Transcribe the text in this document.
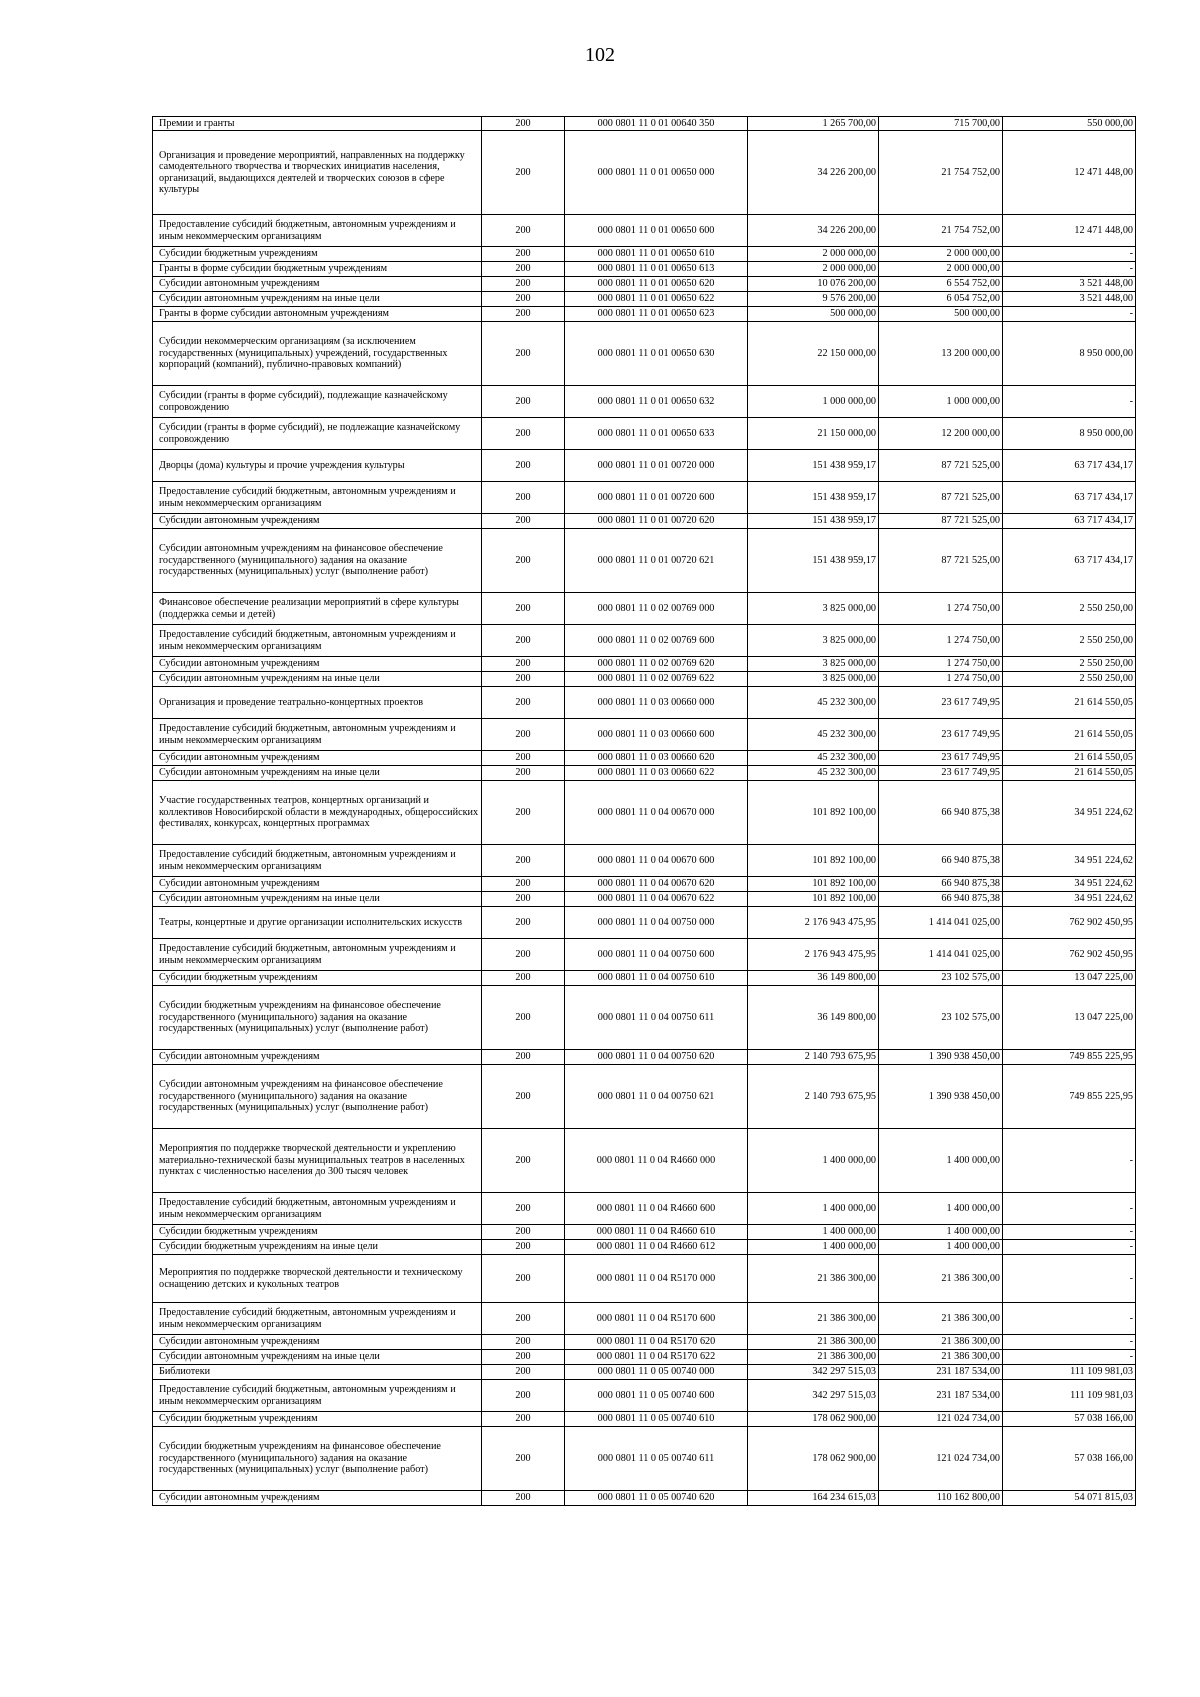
102
Премии и гранты	200	000 0801 11 0 01 00640 350	1 265 700,00	715 700,00	550 000,00
Организация и проведение мероприятий, направленных на поддержку самодеятельного творчества и творческих инициатив населения, организаций, выдающихся деятелей и творческих союзов в сфере культуры	200	000 0801 11 0 01 00650 000	34 226 200,00	21 754 752,00	12 471 448,00
Предоставление субсидий бюджетным, автономным учреждениям и иным некоммерческим организациям	200	000 0801 11 0 01 00650 600	34 226 200,00	21 754 752,00	12 471 448,00
Субсидии бюджетным учреждениям	200	000 0801 11 0 01 00650 610	2 000 000,00	2 000 000,00	-
Гранты в форме субсидии бюджетным учреждениям	200	000 0801 11 0 01 00650 613	2 000 000,00	2 000 000,00	-
Субсидии автономным учреждениям	200	000 0801 11 0 01 00650 620	10 076 200,00	6 554 752,00	3 521 448,00
Субсидии автономным учреждениям на иные цели	200	000 0801 11 0 01 00650 622	9 576 200,00	6 054 752,00	3 521 448,00
Гранты в форме субсидии автономным учреждениям	200	000 0801 11 0 01 00650 623	500 000,00	500 000,00	-
Субсидии некоммерческим организациям (за исключением государственных (муниципальных) учреждений, государственных корпораций (компаний), публично-правовых компаний)	200	000 0801 11 0 01 00650 630	22 150 000,00	13 200 000,00	8 950 000,00
Субсидии (гранты в форме субсидий), подлежащие казначейскому сопровождению	200	000 0801 11 0 01 00650 632	1 000 000,00	1 000 000,00	-
Субсидии (гранты в форме субсидий), не подлежащие казначейскому сопровождению	200	000 0801 11 0 01 00650 633	21 150 000,00	12 200 000,00	8 950 000,00
Дворцы (дома) культуры и прочие учреждения культуры	200	000 0801 11 0 01 00720 000	151 438 959,17	87 721 525,00	63 717 434,17
Предоставление субсидий бюджетным, автономным учреждениям и иным некоммерческим организациям	200	000 0801 11 0 01 00720 600	151 438 959,17	87 721 525,00	63 717 434,17
Субсидии автономным учреждениям	200	000 0801 11 0 01 00720 620	151 438 959,17	87 721 525,00	63 717 434,17
Субсидии автономным учреждениям на финансовое обеспечение государственного (муниципального) задания на оказание государственных (муниципальных) услуг (выполнение работ)	200	000 0801 11 0 01 00720 621	151 438 959,17	87 721 525,00	63 717 434,17
Финансовое обеспечение реализации мероприятий в сфере культуры (поддержка семьи и детей)	200	000 0801 11 0 02 00769 000	3 825 000,00	1 274 750,00	2 550 250,00
Предоставление субсидий бюджетным, автономным учреждениям и иным некоммерческим организациям	200	000 0801 11 0 02 00769 600	3 825 000,00	1 274 750,00	2 550 250,00
Субсидии автономным учреждениям	200	000 0801 11 0 02 00769 620	3 825 000,00	1 274 750,00	2 550 250,00
Субсидии автономным учреждениям на иные цели	200	000 0801 11 0 02 00769 622	3 825 000,00	1 274 750,00	2 550 250,00
Организация и проведение театрально-концертных проектов	200	000 0801 11 0 03 00660 000	45 232 300,00	23 617 749,95	21 614 550,05
Предоставление субсидий бюджетным, автономным учреждениям и иным некоммерческим организациям	200	000 0801 11 0 03 00660 600	45 232 300,00	23 617 749,95	21 614 550,05
Субсидии автономным учреждениям	200	000 0801 11 0 03 00660 620	45 232 300,00	23 617 749,95	21 614 550,05
Субсидии автономным учреждениям на иные цели	200	000 0801 11 0 03 00660 622	45 232 300,00	23 617 749,95	21 614 550,05
Участие государственных театров, концертных организаций и коллективов Новосибирской области в международных, общероссийских фестивалях, конкурсах, концертных программах	200	000 0801 11 0 04 00670 000	101 892 100,00	66 940 875,38	34 951 224,62
Предоставление субсидий бюджетным, автономным учреждениям и иным некоммерческим организациям	200	000 0801 11 0 04 00670 600	101 892 100,00	66 940 875,38	34 951 224,62
Субсидии автономным учреждениям	200	000 0801 11 0 04 00670 620	101 892 100,00	66 940 875,38	34 951 224,62
Субсидии автономным учреждениям на иные цели	200	000 0801 11 0 04 00670 622	101 892 100,00	66 940 875,38	34 951 224,62
Театры, концертные и другие организации исполнительских искусств	200	000 0801 11 0 04 00750 000	2 176 943 475,95	1 414 041 025,00	762 902 450,95
Предоставление субсидий бюджетным, автономным учреждениям и иным некоммерческим организациям	200	000 0801 11 0 04 00750 600	2 176 943 475,95	1 414 041 025,00	762 902 450,95
Субсидии бюджетным учреждениям	200	000 0801 11 0 04 00750 610	36 149 800,00	23 102 575,00	13 047 225,00
Субсидии бюджетным учреждениям на финансовое обеспечение государственного (муниципального) задания на оказание государственных (муниципальных) услуг (выполнение работ)	200	000 0801 11 0 04 00750 611	36 149 800,00	23 102 575,00	13 047 225,00
Субсидии автономным учреждениям	200	000 0801 11 0 04 00750 620	2 140 793 675,95	1 390 938 450,00	749 855 225,95
Субсидии автономным учреждениям на финансовое обеспечение государственного (муниципального) задания на оказание государственных (муниципальных) услуг (выполнение работ)	200	000 0801 11 0 04 00750 621	2 140 793 675,95	1 390 938 450,00	749 855 225,95
Мероприятия по поддержке творческой деятельности и укреплению материально-технической базы муниципальных театров в населенных пунктах с численностью населения до 300 тысяч человек	200	000 0801 11 0 04 R4660 000	1 400 000,00	1 400 000,00	-
Предоставление субсидий бюджетным, автономным учреждениям и иным некоммерческим организациям	200	000 0801 11 0 04 R4660 600	1 400 000,00	1 400 000,00	-
Субсидии бюджетным учреждениям	200	000 0801 11 0 04 R4660 610	1 400 000,00	1 400 000,00	-
Субсидии бюджетным учреждениям на иные цели	200	000 0801 11 0 04 R4660 612	1 400 000,00	1 400 000,00	-
Мероприятия по поддержке творческой деятельности и техническому оснащению детских и кукольных театров	200	000 0801 11 0 04 R5170 000	21 386 300,00	21 386 300,00	-
Предоставление субсидий бюджетным, автономным учреждениям и иным некоммерческим организациям	200	000 0801 11 0 04 R5170 600	21 386 300,00	21 386 300,00	-
Субсидии автономным учреждениям	200	000 0801 11 0 04 R5170 620	21 386 300,00	21 386 300,00	-
Субсидии автономным учреждениям на иные цели	200	000 0801 11 0 04 R5170 622	21 386 300,00	21 386 300,00	-
Библиотеки	200	000 0801 11 0 05 00740 000	342 297 515,03	231 187 534,00	111 109 981,03
Предоставление субсидий бюджетным, автономным учреждениям и иным некоммерческим организациям	200	000 0801 11 0 05 00740 600	342 297 515,03	231 187 534,00	111 109 981,03
Субсидии бюджетным учреждениям	200	000 0801 11 0 05 00740 610	178 062 900,00	121 024 734,00	57 038 166,00
Субсидии бюджетным учреждениям на финансовое обеспечение государственного (муниципального) задания на оказание государственных (муниципальных) услуг (выполнение работ)	200	000 0801 11 0 05 00740 611	178 062 900,00	121 024 734,00	57 038 166,00
Субсидии автономным учреждениям	200	000 0801 11 0 05 00740 620	164 234 615,03	110 162 800,00	54 071 815,03
